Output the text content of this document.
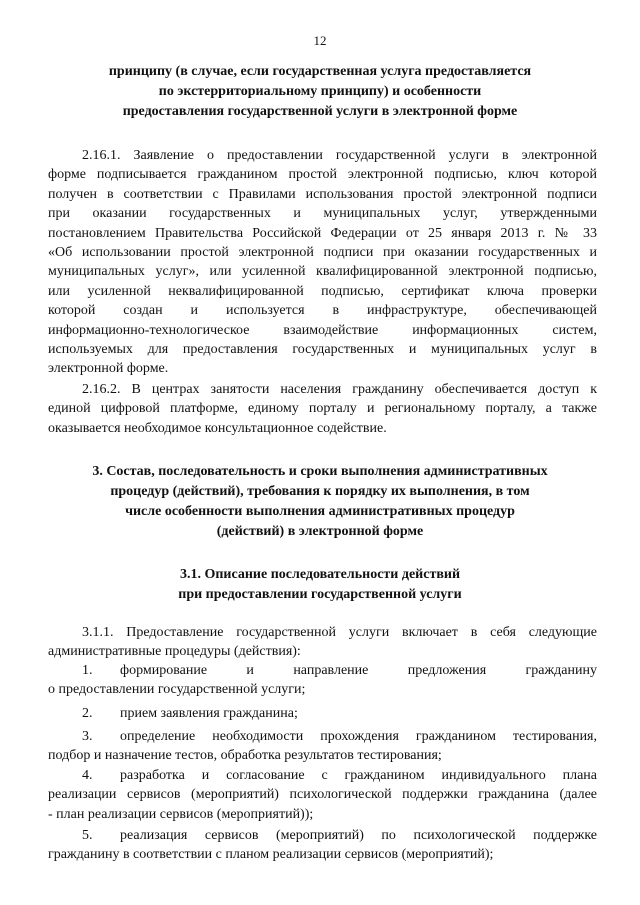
12
принципу (в случае, если государственная услуга предоставляется
по экстерриториальному принципу) и особенности
предоставления государственной услуги в электронной форме
2.16.1. Заявление о предоставлении государственной услуги в электронной
форме подписывается гражданином простой электронной подписью, ключ которой
получен в соответствии с Правилами использования простой электронной подписи
при оказании государственных и муниципальных услуг, утвержденными
постановлением Правительства Российской Федерации от 25 января 2013 г. № 33
«Об использовании простой электронной подписи при оказании государственных и
муниципальных услуг», или усиленной квалифицированной электронной подписью,
или усиленной неквалифицированной подписью, сертификат ключа проверки
которой создан и используется в инфраструктуре, обеспечивающей
информационно-технологическое взаимодействие информационных систем,
используемых для предоставления государственных и муниципальных услуг в
электронной форме.
2.16.2. В центрах занятости населения гражданину обеспечивается доступ к
единой цифровой платформе, единому порталу и региональному порталу, а также
оказывается необходимое консультационное содействие.
3. Состав, последовательность и сроки выполнения административных
процедур (действий), требования к порядку их выполнения, в том
числе особенности выполнения административных процедур
(действий) в электронной форме
3.1. Описание последовательности действий
при предоставлении государственной услуги
3.1.1. Предоставление государственной услуги включает в себя следующие
административные процедуры (действия):
1. формирование и направление предложения гражданину
о предоставлении государственной услуги;
2. прием заявления гражданина;
3. определение необходимости прохождения гражданином тестирования,
подбор и назначение тестов, обработка результатов тестирования;
4. разработка и согласование с гражданином индивидуального плана
реализации сервисов (мероприятий) психологической поддержки гражданина (далее
- план реализации сервисов (мероприятий));
5. реализация сервисов (мероприятий) по психологической поддержке
гражданину в соответствии с планом реализации сервисов (мероприятий);
